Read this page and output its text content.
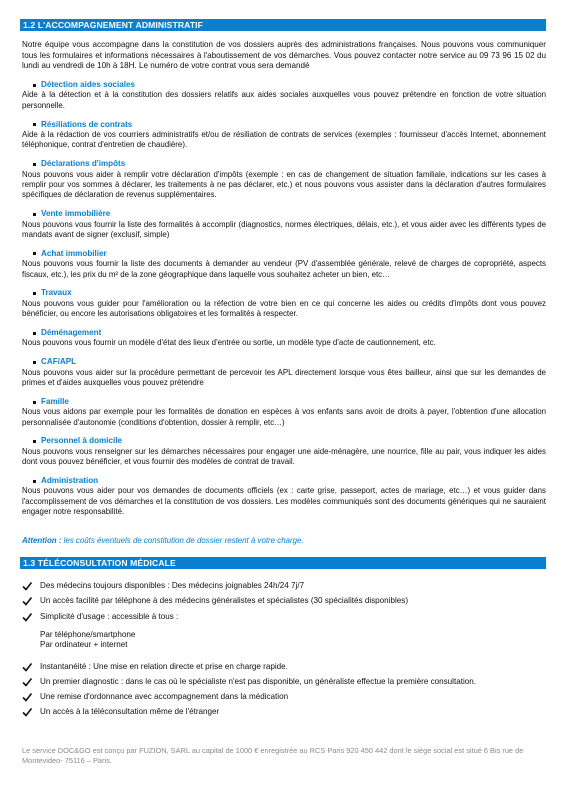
1.2 L'ACCOMPAGNEMENT ADMINISTRATIF
Notre équipe vous accompagne dans la constitution de vos dossiers auprès des administrations françaises. Nous pouvons vous communiquer tous les formulaires et informations nécessaires à l'aboutissement de vos démarches. Vous pouvez contacter notre service au 09 73 96 15 02 du lundi au vendredi de 10h à 18H. Le numéro de votre contrat vous sera demandé
Détection aides sociales
Aide à la détection et à la constitution des dossiers relatifs aux aides sociales auxquelles vous pouvez prétendre en fonction de votre situation personnelle.
Résiliations de contrats
Aide à la rédaction de vos courriers administratifs et/ou de résiliation de contrats de services (exemples : fournisseur d'accès Internet, abonnement téléphonique, contrat d'entretien de chaudière).
Déclarations d'impôts
Nous pouvons vous aider à remplir votre déclaration d'impôts (exemple : en cas de changement de situation familiale, indications sur les cases à remplir pour vos sommes à déclarer, les traitements à ne pas déclarer, etc.) et nous pouvons vous assister dans la déclaration d'autres formulaires spécifiques de déclaration de revenus supplémentaires.
Vente immobilière
Nous pouvons vous fournir la liste des formalités à accomplir (diagnostics, normes électriques, délais, etc.), et vous aider avec les différents types de mandats avant de signer (exclusif, simple)
Achat immobilier
Nous pouvons vous fournir la liste des documents à demander au vendeur (PV d'assemblée générale, relevé de charges de copropriété, aspects fiscaux, etc.), les prix du m² de la zone géographique dans laquelle vous souhaitez acheter un bien, etc…
Travaux
Nous pouvons vous guider pour l'amélioration ou la réfection de votre bien en ce qui concerne les aides ou crédits d'impôts dont vous pouvez bénéficier, ou encore les autorisations obligatoires et les formalités à respecter.
Déménagement
Nous pouvons vous fournir un modèle d'état des lieux d'entrée ou sortie, un modèle type d'acte de cautionnement, etc.
CAF/APL
Nous pouvons vous aider sur la procédure permettant de percevoir les APL directement lorsque vous êtes bailleur, ainsi que sur les demandes de primes et d'aides auxquelles vous pouvez prétendre
Famille
Nous vous aidons par exemple pour les formalités de donation en espèces à vos enfants sans avoir de droits à payer, l'obtention d'une allocation personnalisée d'autonomie (conditions d'obtention, dossier à remplir, etc…)
Personnel à domicile
Nous pouvons vous renseigner sur les démarches nécessaires pour engager une aide-ménagère, une nourrice, fille au pair, vous indiquer les aides dont vous pouvez bénéficier, et vous fournir des modèles de contrat de travail.
Administration
Nous pouvons vous aider pour vos demandes de documents officiels (ex : carte grise, passeport, actes de mariage, etc…) et vous guider dans l'accomplissement de vos démarches et la constitution de vos dossiers. Les modèles communiqués sont des documents génériques qui ne sauraient engager notre responsabilité.
Attention : les coûts éventuels de constitution de dossier restent à votre charge.
1.3 TÉLÉCONSULTATION MÉDICALE
Des médecins toujours disponibles : Des médecins joignables 24h/24 7j/7
Un accès facilité par téléphone à des médecins généralistes et spécialistes (30 spécialités disponibles)
Simplicité d'usage : accessible à tous :
Par téléphone/smartphone
Par ordinateur + internet
Instantanéité : Une mise en relation directe et prise en charge rapide.
Un premier diagnostic : dans le cas où le spécialiste n'est pas disponible, un généraliste effectue la première consultation.
Une remise d'ordonnance avec accompagnement dans la médication
Un accès à la téléconsultation même de l'étranger
Le service DOC&GO est conçu par FUZION, SARL au capital de 1000 € enregistrée au RCS Paris 920 450 442 dont le siège social est situé 6 Bis rue de Montevideo- 75116 – Paris.
